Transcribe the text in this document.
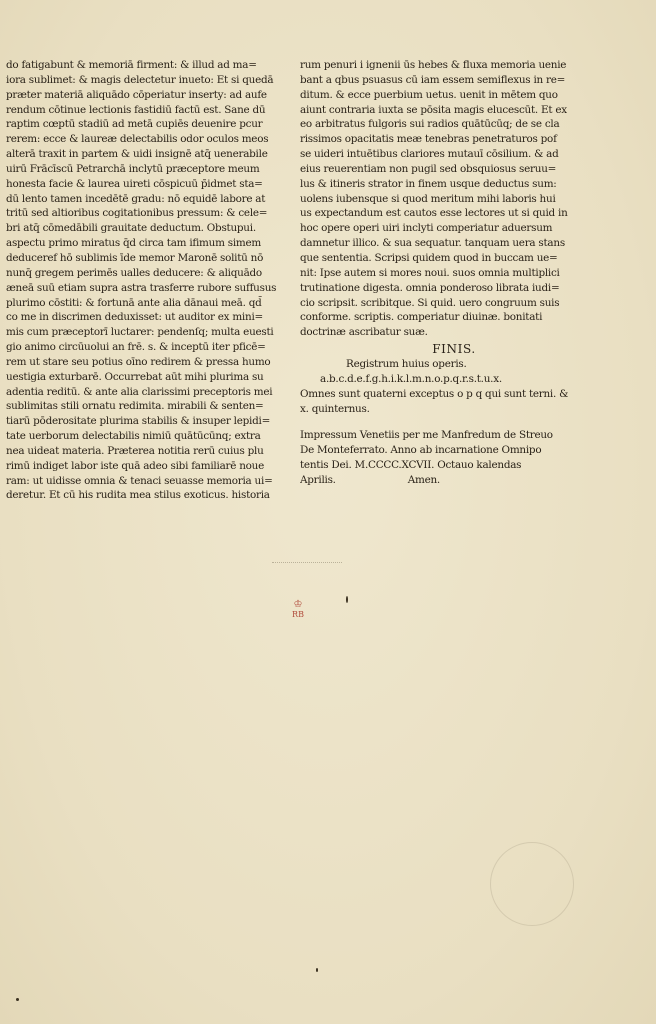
do fatigabunt & memoriā firment: & illud ad ma=
iora sublimet: & magis delectetur inueto: Et si quedā
præter materiā aliquādo cōperiatur inserty: ad aufe
rendum cōtinue lectionis fastidiū factū est. Sane dū
raptim cœptū stadiū ad metā cupiēs deuenire pcur
rerem: ecce & laureæ delectabilis odor oculos meos
alterā traxit in partem & uidi insignē atq̄ uenerabile
uirū Frācīscū Petrarchā inclytū præceptore meum
honesta facie & laurea uireti cōspicuū p̄idmet sta=
dū lento tamen incedētē gradu: nō equidē labore at
tritū sed altioribus cogitationibus pressum: & cele=
bri atq̄ cōmedābili grauitate deductum. Obstupui.
aspectu primo miratus q̄d circa tam ifimum simem
deduceref hō sublimis īde memor Maronē solitū nō
nunq̄ gregem perimēs ualles deducere: & aliquādo
æneā suū etiam supra astra trasferre rubore suffusus
plurimo cōstiti: & fortunā ante alia dānaui meā. qd̄
co me in discrimen deduxisset: ut auditor ex mini=
mis cum præceptorī luctarer: pendenſq; multa euesti
gio animo circūuolui an frē. s. & inceptū iter pficē=
rem ut stare seu potius oīno redirem & pressa humo
uestigia exturbarē. Occurrebat aūt mihi plurima su
adentia reditū. & ante alia clarissimi preceptoris mei
sublimitas stili ornatu redimita. mirabili & senten=
tiarū pōderositate plurima stabilis & insuper lepidi=
tate uerborum delectabilis nimiū quātūcūnq; extra
nea uideat materia. Præterea notitia rerū cuius plu
rimū indiget labor iste quā adeo sibi familiarē noue
ram: ut uidisse omnia & tenaci seuasse memoria ui=
deretur. Et cū his rudita mea stilus exoticus. historia
rum penuri i ignenii ūs hebes & fluxa memoria uenie
bant a qbus psuasus cū iam essem semiflexus in re=
ditum. & ecce puerbium uetus. uenit in mētem quo
aiunt contraria iuxta se pōsita magis elucescūt. Et ex
eo arbitratus fulgoris sui radios quātūcūq; de se cla
rissimos opacitatis meæ tenebras penetraturos pof
se uideri intuētibus clariores mutauī cōsilium. & ad
eius reuerentiam non pugil sed obsquiosus seruu=
lus & itineris strator in finem usque deductus sum:
uolens iubensque si quod meritum mihi laboris hui
us expectandum est cautos esse lectores ut si quid in
hoc opere operi uiri inclyti comperiatur aduersum
damnetur illico. & sua sequatur. tanquam uera stans
que sententia. Scripsi quidem quod in buccam ue=
nit: Ipse autem si mores noui. suos omnia multiplici
trutinatione digesta. omnia ponderoso librata iudi=
cio scripsit. scribitque. Si quid. uero congruum suis
conforme. scriptis. comperiatur diuinæ. bonitati
doctrinæ ascribatur suæ.
FINIS.
Registrum huius operis.
a.b.c.d.e.f.g.h.i.k.l.m.n.o.p.q.r.s.t.u.x.
Omnes sunt quaterni exceptus o p q qui sunt terni. &
x. quinternus.
Impressum Venetiis per me Manfredum de Streuo
De Monteferrato. Anno ab incarnatione Omnipo
tentis Dei. M.CCCC.XCVII. Octauo kalendas
Aprilis.	Amen.
♔
RB
